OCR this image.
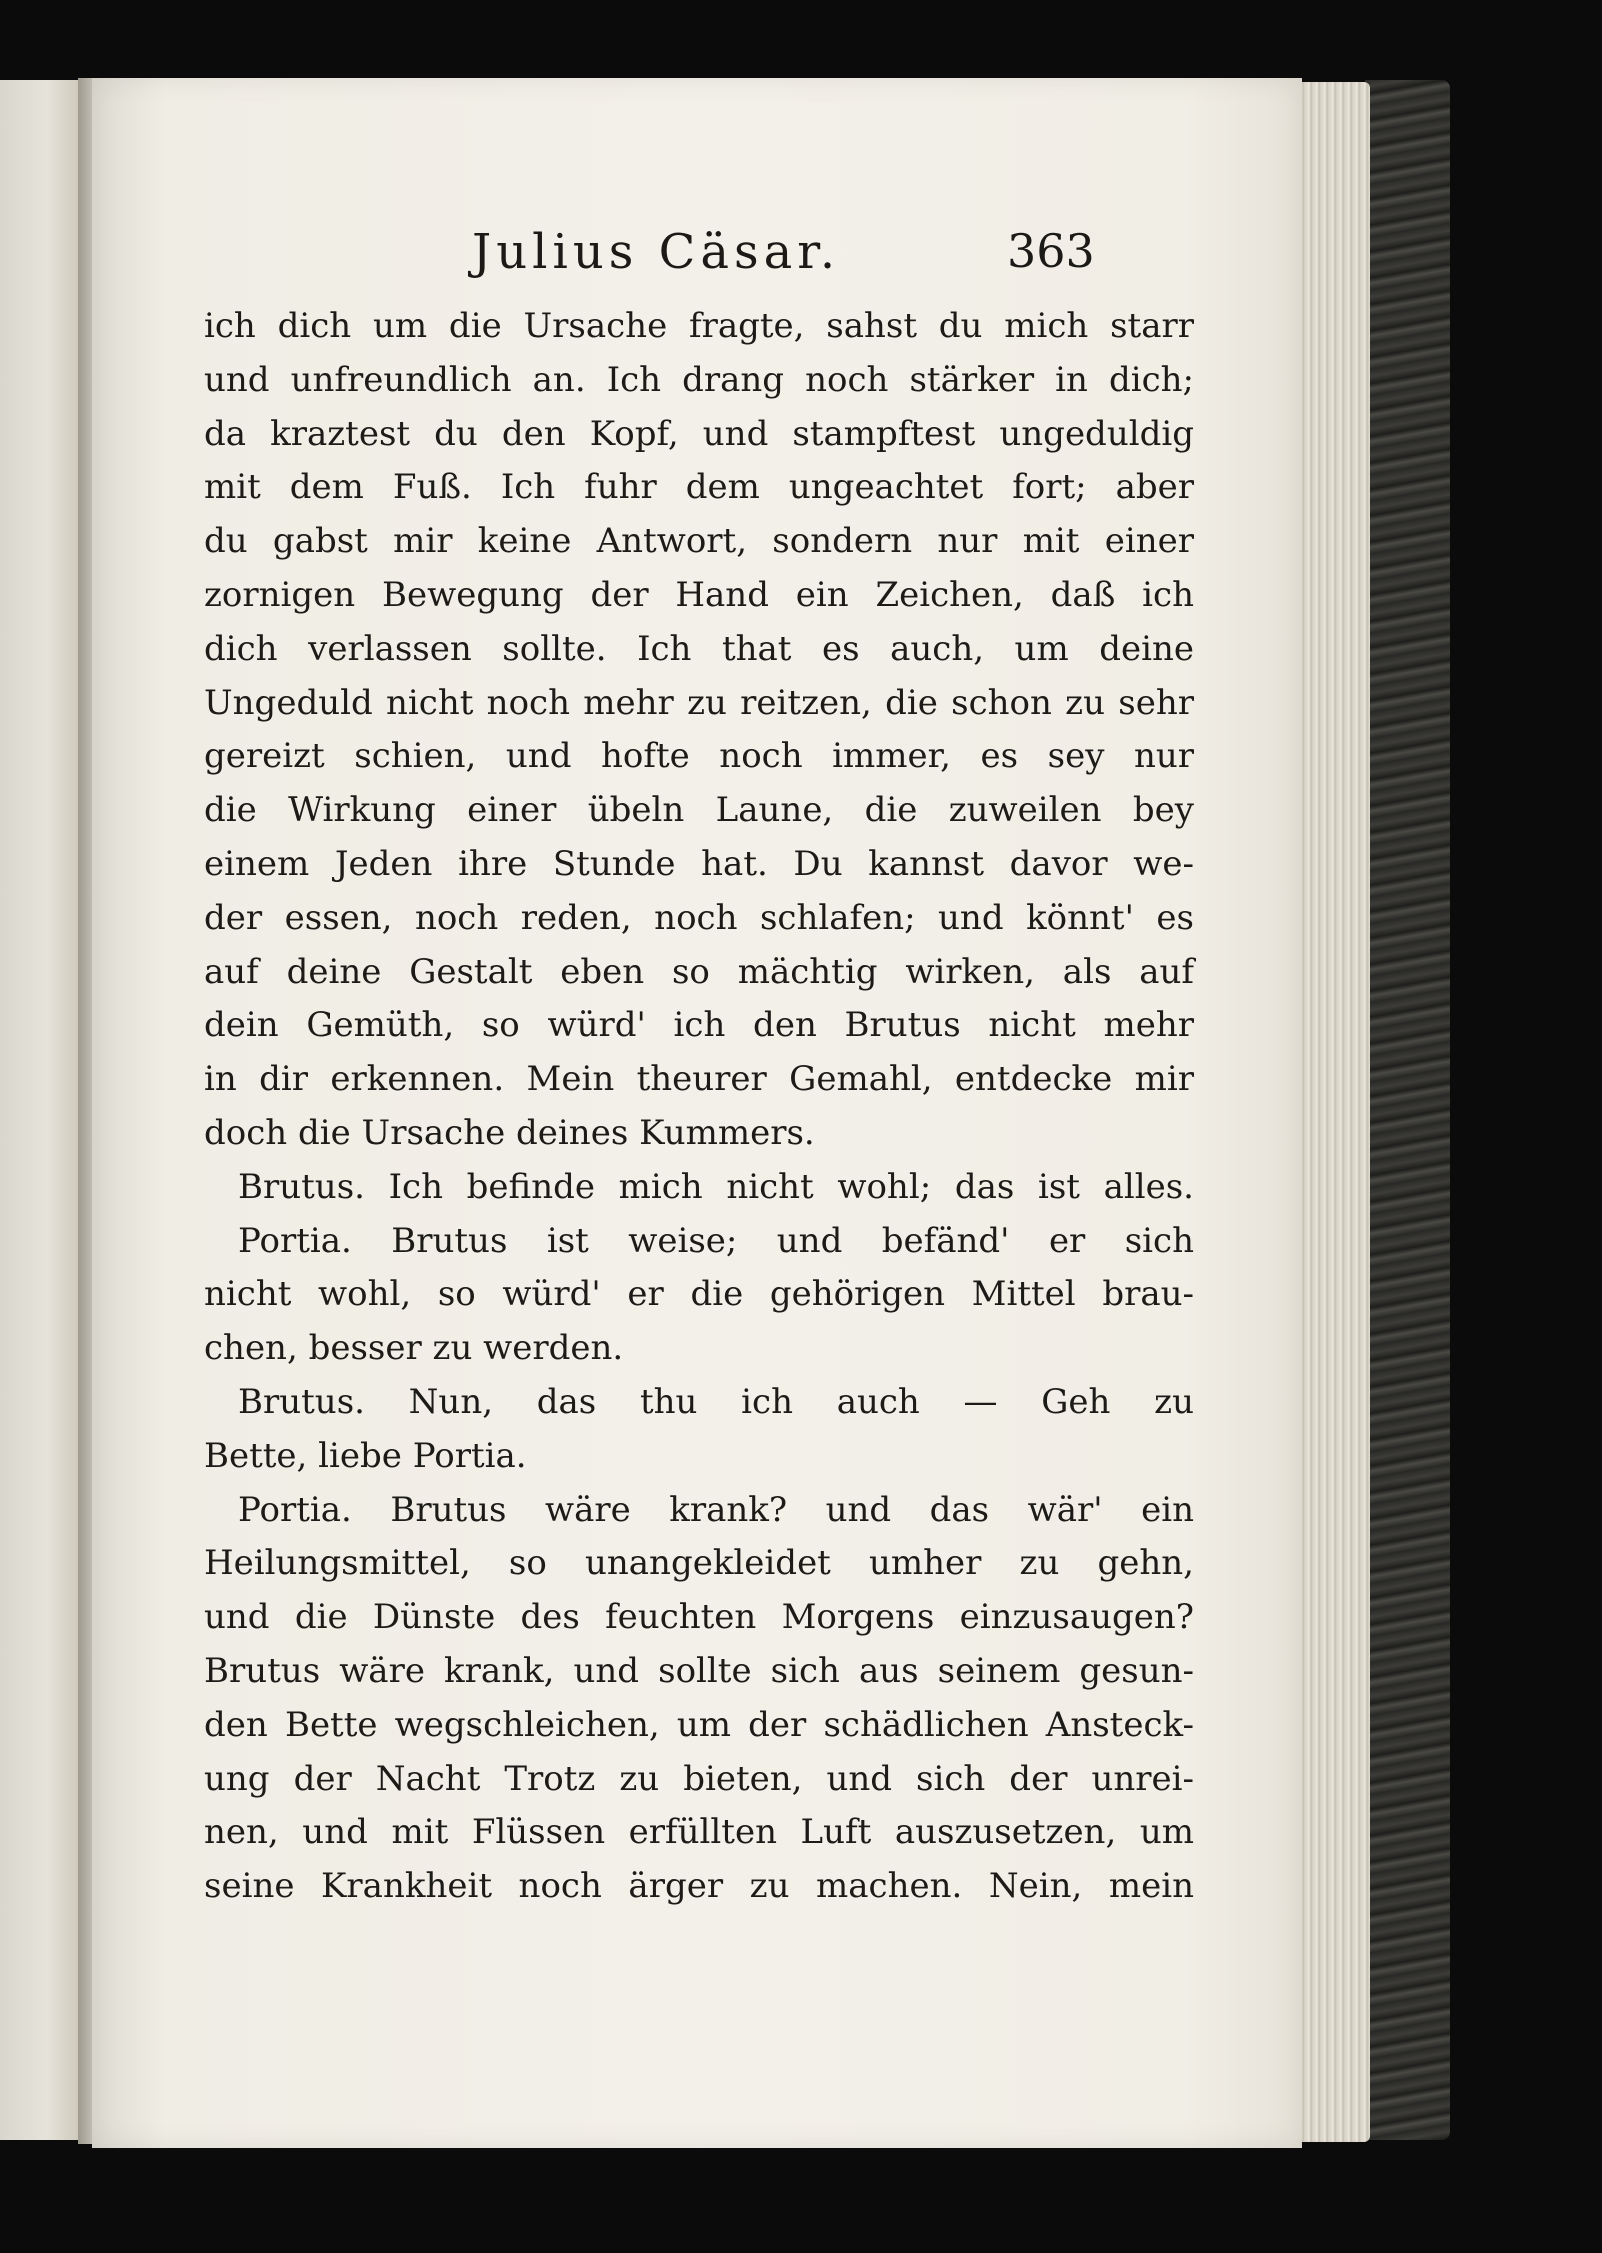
Julius Cäsar.	363
ich dich um die Ursache fragte, sahst du mich starr
und unfreundlich an. Ich drang noch stärker in dich;
da kraztest du den Kopf, und stampftest ungeduldig
mit dem Fuß. Ich fuhr dem ungeachtet fort; aber
du gabst mir keine Antwort, sondern nur mit einer
zornigen Bewegung der Hand ein Zeichen, daß ich
dich verlassen sollte. Ich that es auch, um deine
Ungeduld nicht noch mehr zu reitzen, die schon zu sehr
gereizt schien, und hofte noch immer, es sey nur
die Wirkung einer übeln Laune, die zuweilen bey
einem Jeden ihre Stunde hat. Du kannst davor we-
der essen, noch reden, noch schlafen; und könnt' es
auf deine Gestalt eben so mächtig wirken, als auf
dein Gemüth, so würd' ich den Brutus nicht mehr
in dir erkennen. Mein theurer Gemahl, entdecke mir
doch die Ursache deines Kummers.
Brutus. Ich befinde mich nicht wohl; das ist alles.
Portia. Brutus ist weise; und befänd' er sich
nicht wohl, so würd' er die gehörigen Mittel brau-
chen, besser zu werden.
Brutus. Nun, das thu ich auch — Geh zu
Bette, liebe Portia.
Portia. Brutus wäre krank? und das wär' ein
Heilungsmittel, so unangekleidet umher zu gehn,
und die Dünste des feuchten Morgens einzusaugen?
Brutus wäre krank, und sollte sich aus seinem gesun-
den Bette wegschleichen, um der schädlichen Ansteck-
ung der Nacht Trotz zu bieten, und sich der unrei-
nen, und mit Flüssen erfüllten Luft auszusetzen, um
seine Krankheit noch ärger zu machen. Nein, mein
